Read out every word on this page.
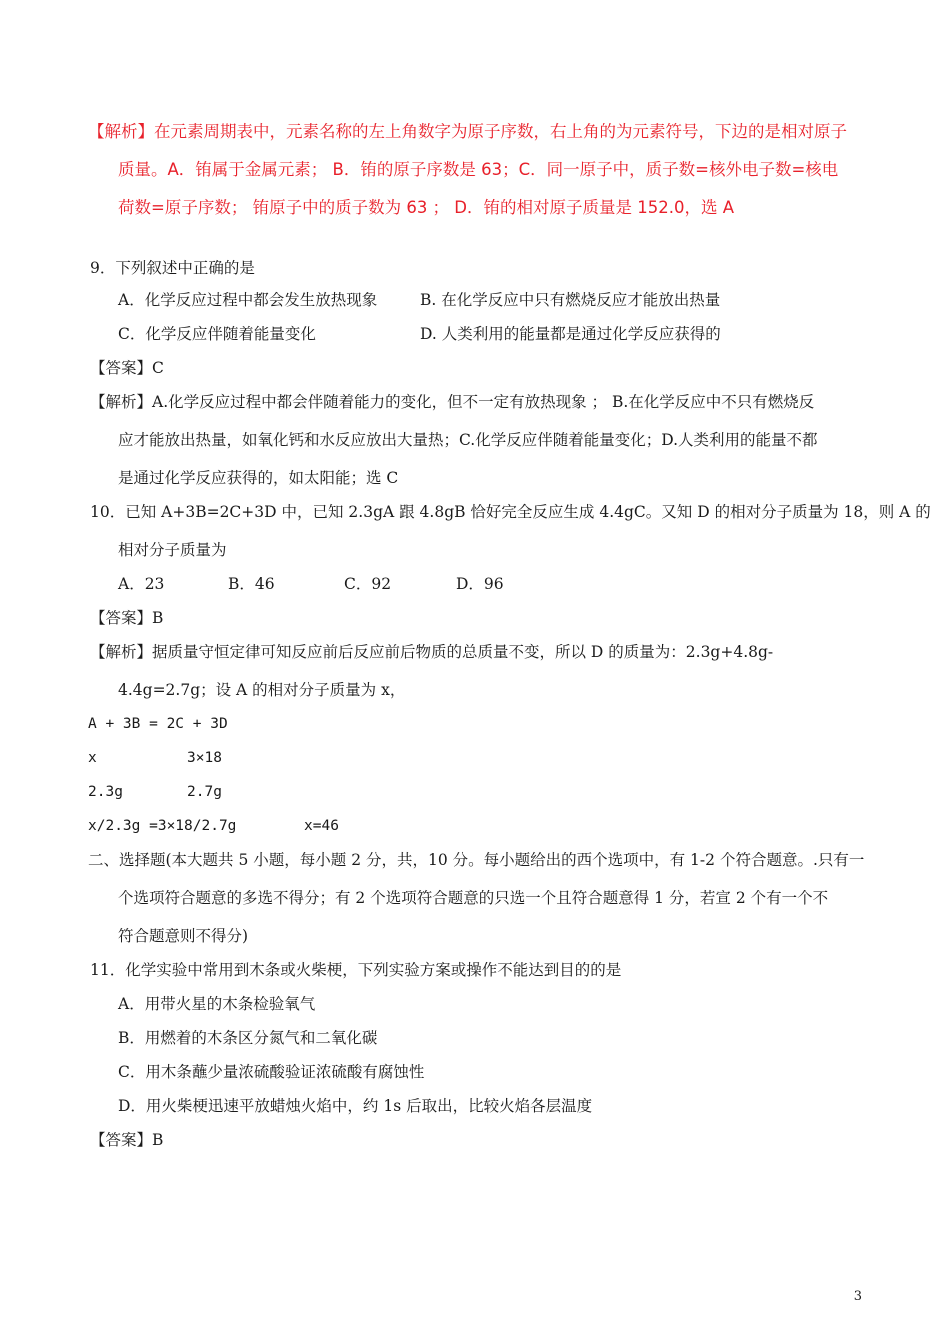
【解析】在元素周期表中，元素名称的左上角数字为原子序数，右上角的为元素符号，下边的是相对原子
质量。A．铕属于金属元素； B．铕的原子序数是 63；C．同一原子中，质子数=核外电子数=核电
荷数=原子序数； 铕原子中的质子数为 63 ； D．铕的相对原子质量是 152.0，选 A
9．下列叙述中正确的是
A．化学反应过程中都会发生放热现象	B. 在化学反应中只有燃烧反应才能放出热量
C．化学反应伴随着能量变化	D. 人类利用的能量都是通过化学反应获得的
【答案】C
【解析】A.化学反应过程中都会伴随着能力的变化，但不一定有放热现象 ； B.在化学反应中不只有燃烧反
应才能放出热量，如氧化钙和水反应放出大量热；C.化学反应伴随着能量变化；D.人类利用的能量不都
是通过化学反应获得的，如太阳能；选 C
10．已知 A+3B=2C+3D 中，已知 2.3gA 跟 4.8gB 恰好完全反应生成 4.4gC。又知 D 的相对分子质量为 18，则 A 的
相对分子质量为
A．23	B．46	C．92	D．96
【答案】B
【解析】据质量守恒定律可知反应前后反应前后物质的总质量不变，所以 D 的质量为：2.3g+4.8g-
4.4g=2.7g；设 A 的相对分子质量为 x，
A + 3B = 2C + 3D
x	3×18
2.3g	2.7g
x/2.3g =3×18/2.7g	x=46
二、选择题(本大题共 5 小题，每小题 2 分，共，10 分。每小题给出的西个选项中，有 1-2 个符合题意。.只有一
个选项符合题意的多选不得分；有 2 个选项符合题意的只选一个且符合题意得 1 分，若宣 2 个有一个不
符合题意则不得分)
11．化学实验中常用到木条或火柴梗，下列实验方案或操作不能达到目的的是
A．用带火星的木条检验氧气
B．用燃着的木条区分氮气和二氧化碳
C．用木条蘸少量浓硫酸验证浓硫酸有腐蚀性
D．用火柴梗迅速平放蜡烛火焰中，约 1s 后取出，比较火焰各层温度
【答案】B
3
